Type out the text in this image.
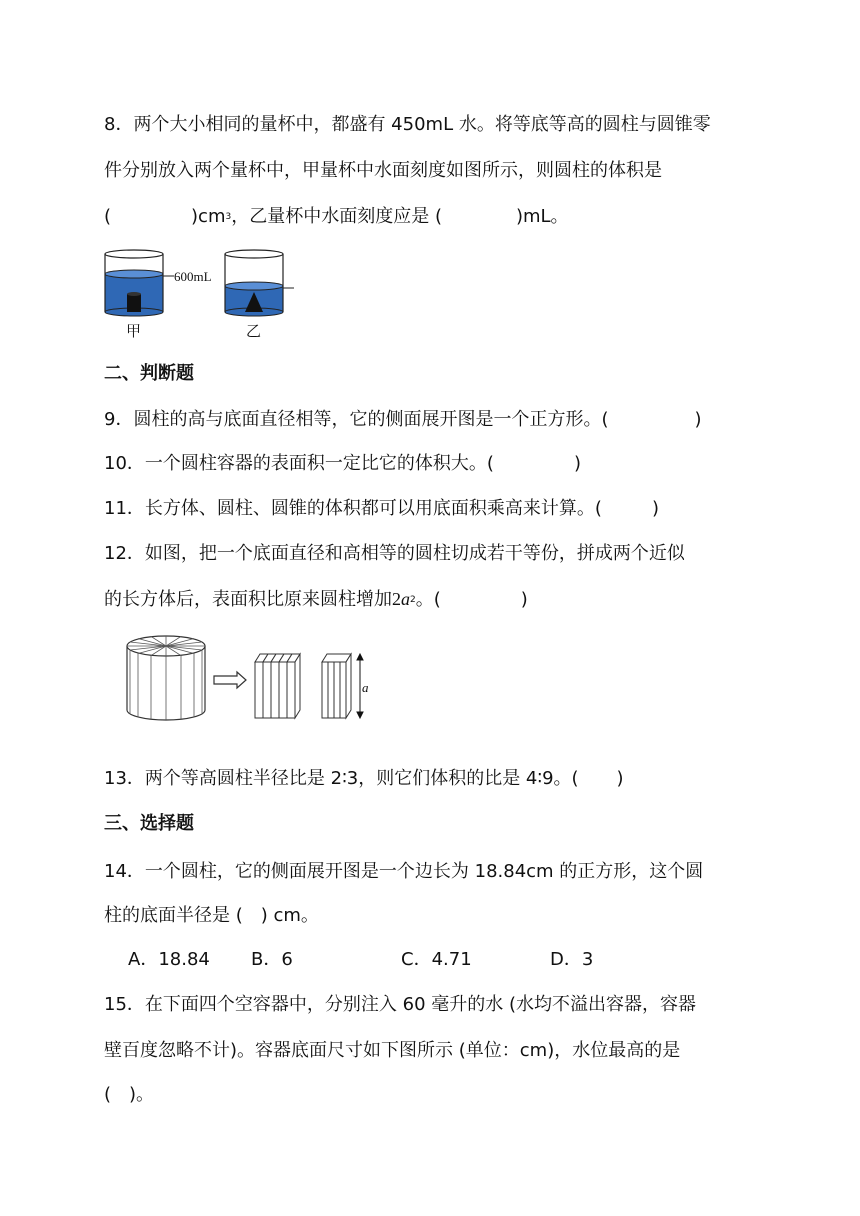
8．两个大小相同的量杯中，都盛有 450mL 水。将等底等高的圆柱与圆锥零
件分别放入两个量杯中，甲量杯中水面刻度如图所示，则圆柱的体积是
(	)$cm^3$，乙量杯中水面刻度应是 (	)mL。
600mL
甲	乙
二、判断题
9．圆柱的高与底面直径相等，它的侧面展开图是一个正方形。(	)
10．一个圆柱容器的表面积一定比它的体积大。(	)
11．长方体、圆柱、圆锥的体积都可以用底面积乘高来计算。(	)
12．如图，把一个底面直径和高相等的圆柱切成若干等份，拼成两个近似
的长方体后，表面积比原来圆柱增加$2a^2$。(	)
a
13．两个等高圆柱半径比是 2∶3，则它们体积的比是 4∶9。( )
三、选择题
14．一个圆柱，它的侧面展开图是一个边长为 18.84cm 的正方形，这个圆
柱的底面半径是 (　) cm。
A．18.84 B．6	C．4.71	D．3
15．在下面四个空容器中，分别注入 60 毫升的水 (水均不溢出容器，容器
壁百度忽略不计)。容器底面尺寸如下图所示 (单位：cm)，水位最高的是
(　)。
